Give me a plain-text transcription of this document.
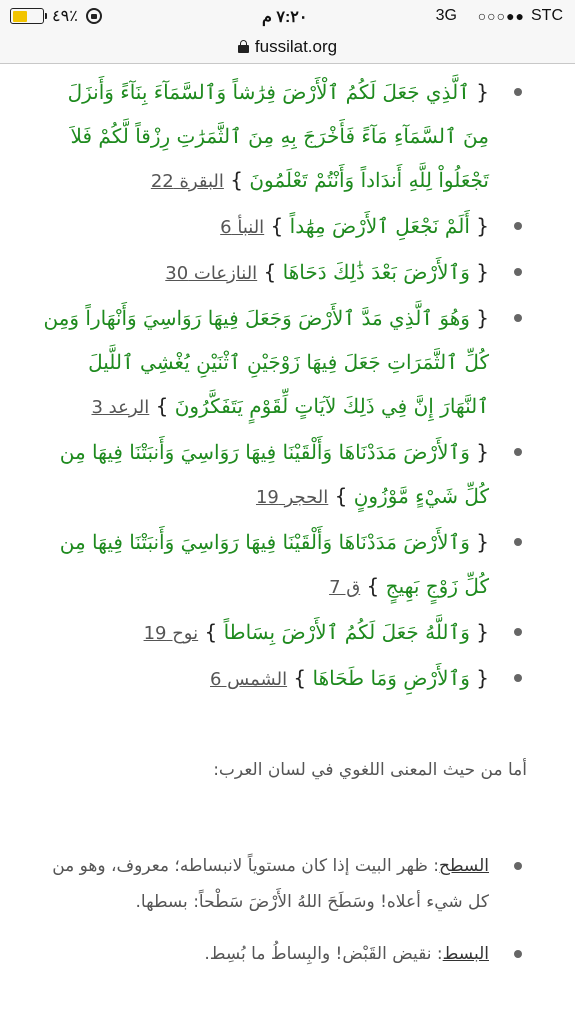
○○○●● STC
3G
٧:٢٠ م
٤٩٪
fussilat.org
{ ٱلَّذِي جَعَلَ لَكُمُ ٱلْأَرْضَ فِرَٰشاً وَٱلسَّمَآءَ بِنَآءً وَأَنزَلَ مِنَ ٱلسَّمَآءِ مَآءً فَأَخْرَجَ بِهِ مِنَ ٱلثَّمَرَٰتِ رِزْقاً لَّكُمْ فَلاَ تَجْعَلُواْ لِلَّهِ أَندَاداً وَأَنْتُمْ تَعْلَمُونَ } البقرة 22
{ أَلَمْ نَجْعَلِ ٱلأَرْضَ مِهَٰداً } النبأ 6
{ وَٱلأَرْضَ بَعْدَ ذَٰلِكَ دَحَاهَا } النازعات 30
{ وَهُوَ ٱلَّذِي مَدَّ ٱلأَرْضَ وَجَعَلَ فِيهَا رَوَاسِيَ وَأَنْهَاراً وَمِن كُلِّ ٱلثَّمَرَاتِ جَعَلَ فِيهَا زَوْجَيْنِ ٱثْنَيْنِ يُغْشِي ٱللَّيلَ ٱلنَّهَارَ إِنَّ فِي ذَلِكَ لآيَاتٍ لِّقَوْمٍ يَتَفَكَّرُونَ } الرعد 3
{ وَٱلأَرْضَ مَدَدْنَاهَا وَأَلْقَيْنَا فِيهَا رَوَاسِيَ وَأَنبَتْنَا فِيهَا مِن كُلِّ شَيْءٍ مَّوْزُونٍ } الحجر 19
{ وَٱلأَرْضَ مَدَدْنَاهَا وَأَلْقَيْنَا فِيهَا رَوَاسِيَ وَأَنبَتْنَا فِيهَا مِن كُلِّ زَوْجٍ بَهِيجٍ } ق 7
{ وَٱللَّهُ جَعَلَ لَكُمُ ٱلأَرْضَ بِسَاطاً } نوح 19
{ وَٱلأَرْضِ وَمَا طَحَاهَا } الشمس 6

أما من حيث المعنى اللغوي في لسان العرب:

السطح: ظهر البيت إذا كان مستوياً لانبساطه؛ معروف، وهو من كل شيء أعلاه! وسَطَحَ اللهُ الأَرْضَ سَطْحاً: بسطها.
البسط: نقيض القَبْض! والبِساطُ ما بُسِط.
